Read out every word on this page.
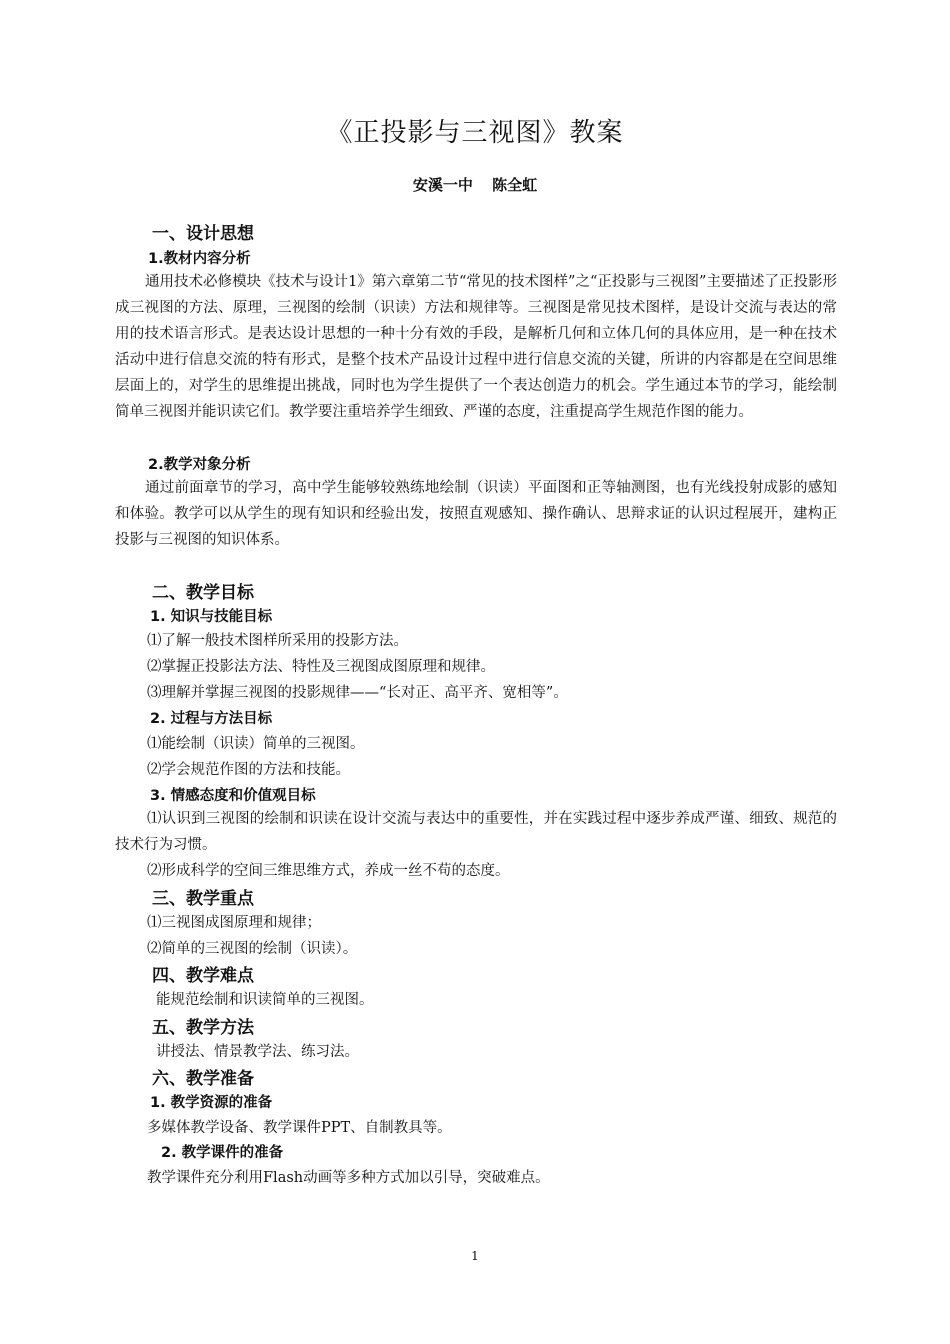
《正投影与三视图》教案
安溪一中 陈全虹
一、设计思想
1.教材内容分析
通用技术必修模块《技术与设计1》第六章第二节“常见的技术图样”之“正投影与三视图”主要描述了正投影形成三视图的方法、原理，三视图的绘制（识读）方法和规律等。三视图是常见技术图样，是设计交流与表达的常用的技术语言形式。是表达设计思想的一种十分有效的手段，是解析几何和立体几何的具体应用，是一种在技术活动中进行信息交流的特有形式，是整个技术产品设计过程中进行信息交流的关键，所讲的内容都是在空间思维层面上的，对学生的思维提出挑战，同时也为学生提供了一个表达创造力的机会。学生通过本节的学习，能绘制简单三视图并能识读它们。教学要注重培养学生细致、严谨的态度，注重提高学生规范作图的能力。
2.教学对象分析
通过前面章节的学习，高中学生能够较熟练地绘制（识读）平面图和正等轴测图，也有光线投射成影的感知和体验。教学可以从学生的现有知识和经验出发，按照直观感知、操作确认、思辩求证的认识过程展开，建构正投影与三视图的知识体系。
二、教学目标
1. 知识与技能目标
⑴了解一般技术图样所采用的投影方法。
⑵掌握正投影法方法、特性及三视图成图原理和规律。
⑶理解并掌握三视图的投影规律——“长对正、高平齐、宽相等”。
2. 过程与方法目标
⑴能绘制（识读）简单的三视图。
⑵学会规范作图的方法和技能。
3. 情感态度和价值观目标
⑴认识到三视图的绘制和识读在设计交流与表达中的重要性，并在实践过程中逐步养成严谨、细致、规范的技术行为习惯。
⑵形成科学的空间三维思维方式，养成一丝不苟的态度。
三、教学重点
⑴三视图成图原理和规律；
⑵简单的三视图的绘制（识读）。
四、教学难点
能规范绘制和识读简单的三视图。
五、教学方法
讲授法、情景教学法、练习法。
六、教学准备
1. 教学资源的准备
多媒体教学设备、教学课件PPT、自制教具等。
2. 教学课件的准备
教学课件充分利用Flash动画等多种方式加以引导，突破难点。
1
